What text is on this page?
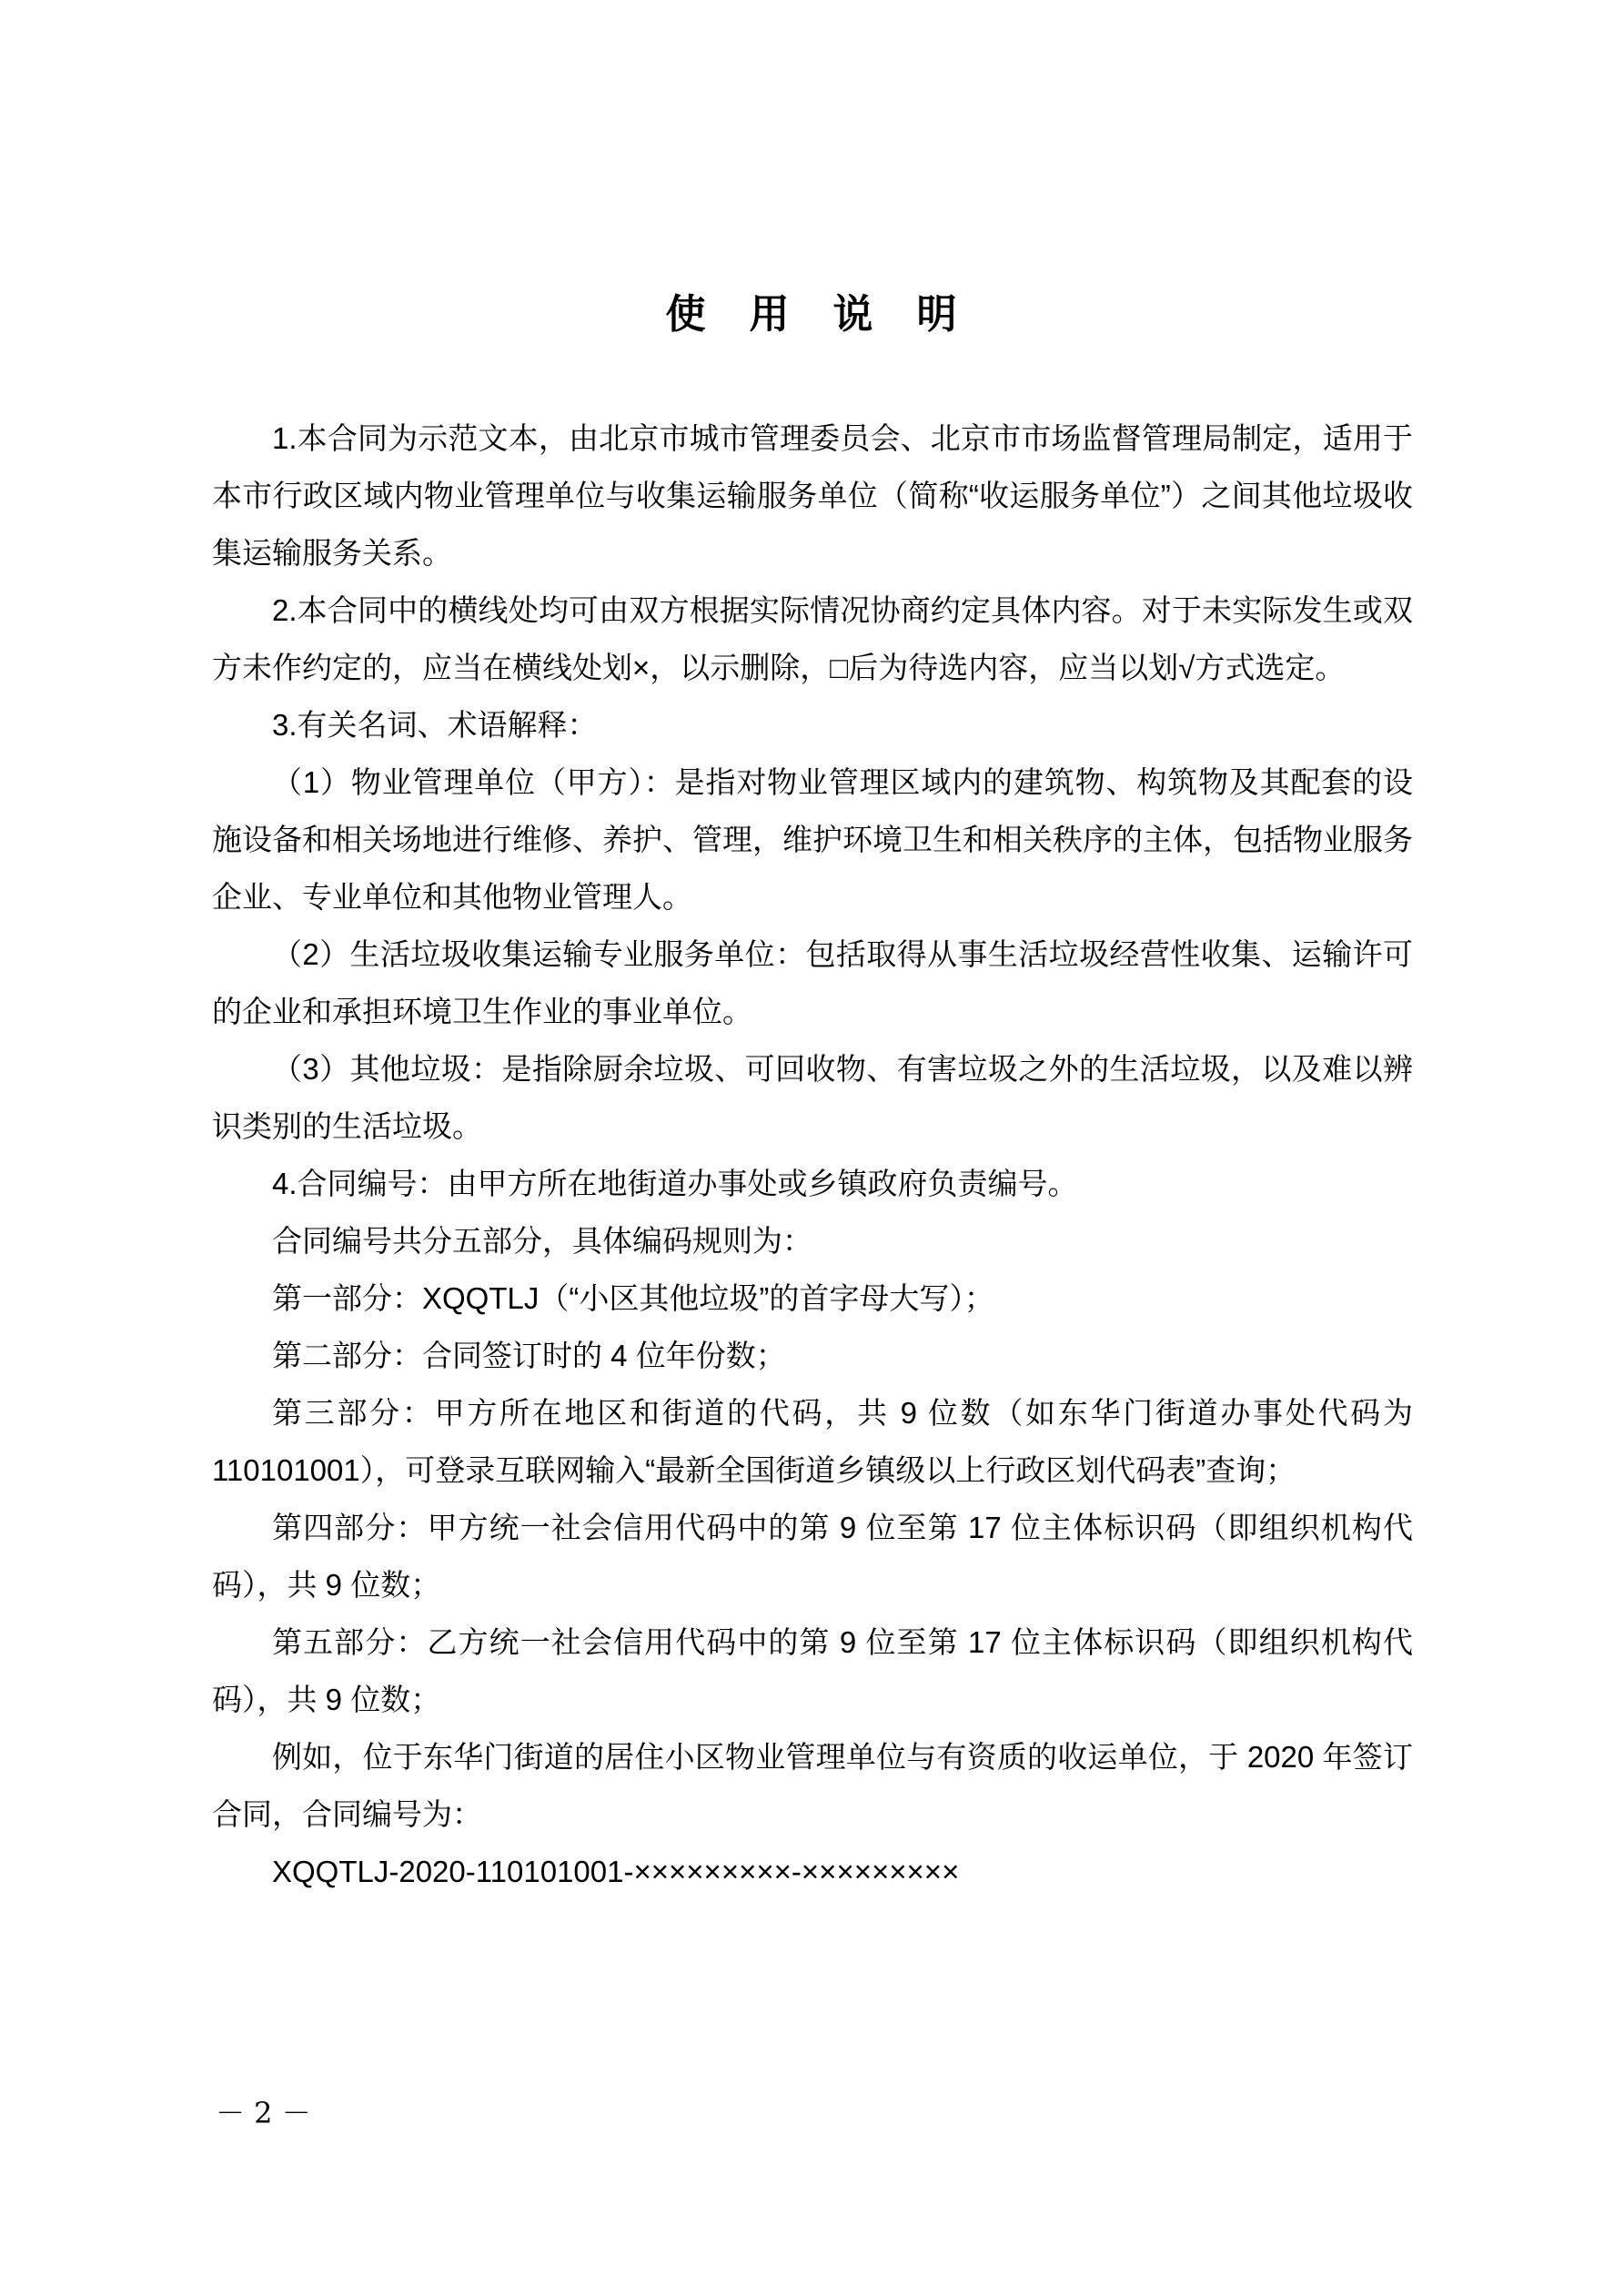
使　用　说　明

1.本合同为示范文本，由北京市城市管理委员会、北京市市场监督管理局制定，适用于本市行政区域内物业管理单位与收集运输服务单位（简称“收运服务单位”）之间其他垃圾收集运输服务关系。

2.本合同中的横线处均可由双方根据实际情况协商约定具体内容。对于未实际发生或双方未作约定的，应当在横线处划×，以示删除，□后为待选内容，应当以划√方式选定。

3.有关名词、术语解释：

（1）物业管理单位（甲方）：是指对物业管理区域内的建筑物、构筑物及其配套的设施设备和相关场地进行维修、养护、管理，维护环境卫生和相关秩序的主体，包括物业服务企业、专业单位和其他物业管理人。

（2）生活垃圾收集运输专业服务单位：包括取得从事生活垃圾经营性收集、运输许可的企业和承担环境卫生作业的事业单位。

（3）其他垃圾：是指除厨余垃圾、可回收物、有害垃圾之外的生活垃圾，以及难以辨识类别的生活垃圾。

4.合同编号：由甲方所在地街道办事处或乡镇政府负责编号。

合同编号共分五部分，具体编码规则为：

第一部分：XQQTLJ（“小区其他垃圾”的首字母大写）；

第二部分：合同签订时的 4 位年份数；

第三部分：甲方所在地区和街道的代码，共 9 位数（如东华门街道办事处代码为 110101001），可登录互联网输入“最新全国街道乡镇级以上行政区划代码表”查询；

第四部分：甲方统一社会信用代码中的第 9 位至第 17 位主体标识码（即组织机构代码），共 9 位数；

第五部分：乙方统一社会信用代码中的第 9 位至第 17 位主体标识码（即组织机构代码），共 9 位数；

例如，位于东华门街道的居住小区物业管理单位与有资质的收运单位，于 2020 年签订合同，合同编号为：

XQQTLJ-2020-110101001-×××××××××-×××××××××

－ 2 －
